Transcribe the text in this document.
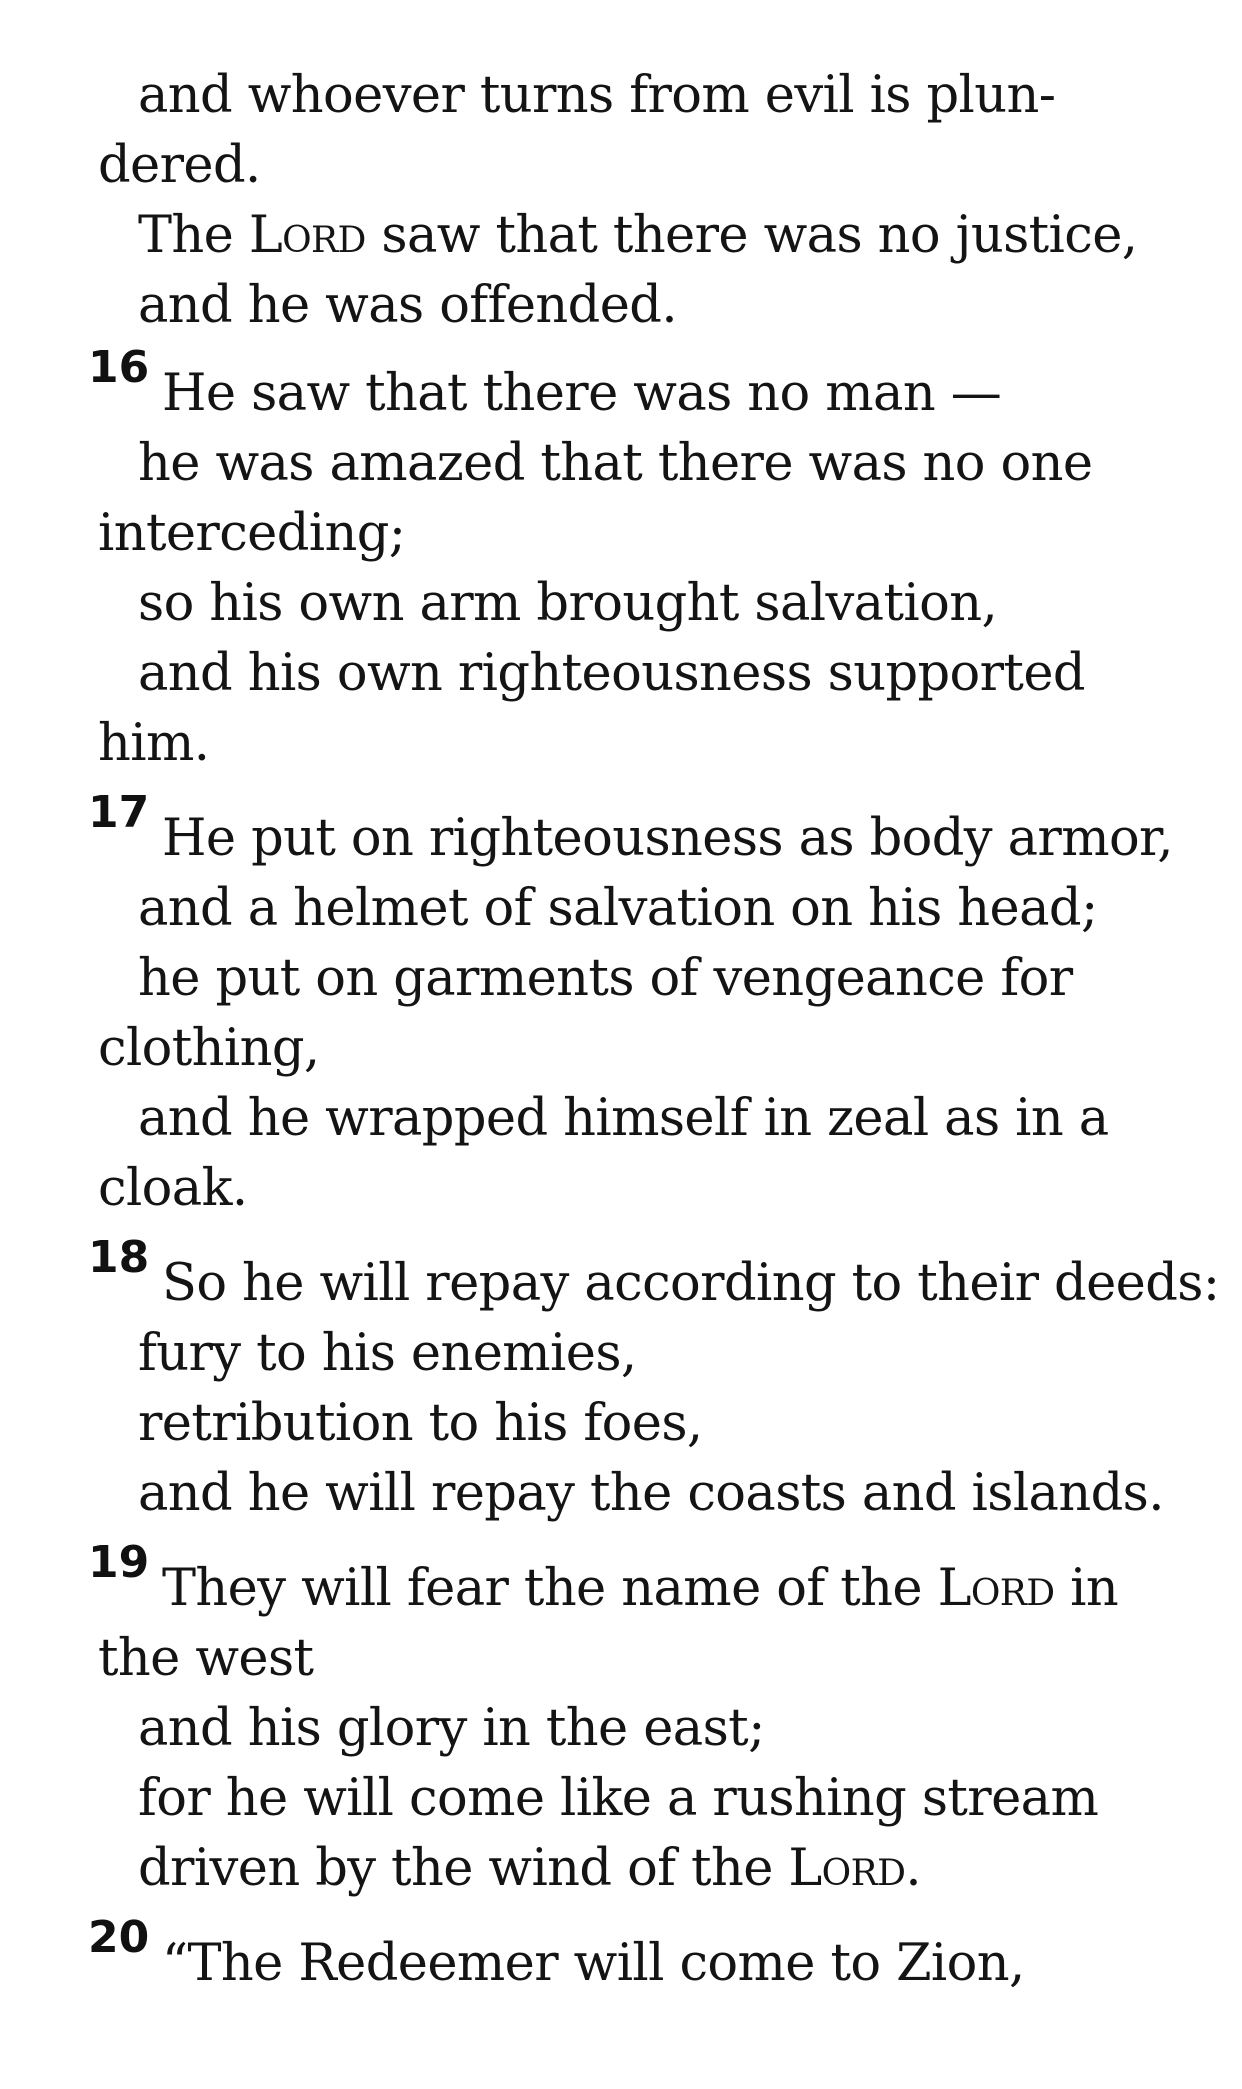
and whoever turns from evil is plun-
dered.
The Lord saw that there was no justice,
and he was offended.
16 He saw that there was no man —
he was amazed that there was no one
interceding;
so his own arm brought salvation,
and his own righteousness supported
him.
17 He put on righteousness as body armor,
and a helmet of salvation on his head;
he put on garments of vengeance for
clothing,
and he wrapped himself in zeal as in a
cloak.
18 So he will repay according to their deeds:
fury to his enemies,
retribution to his foes,
and he will repay the coasts and islands.
19 They will fear the name of the Lord in
the west
and his glory in the east;
for he will come like a rushing stream
driven by the wind of the Lord.
20 “The Redeemer will come to Zion,
